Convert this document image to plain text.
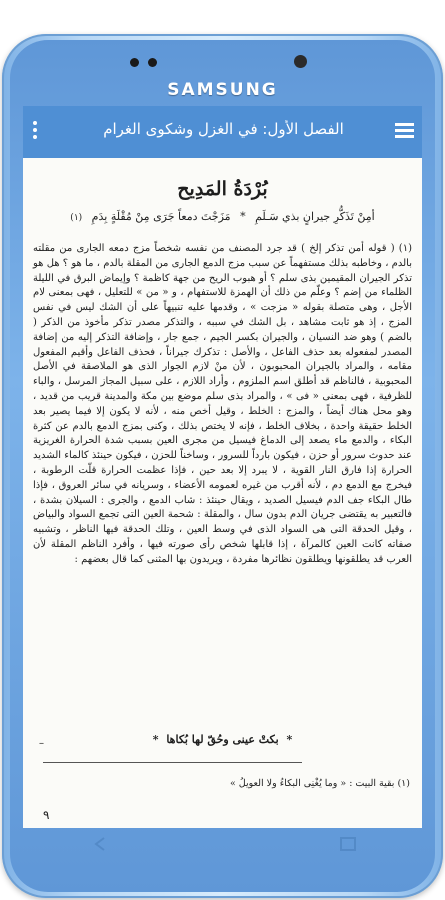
SAMSUNG
الفصل الأول: في الغزل وشكوى الغرام
بُرْدَةُ المَدِيح
أمِنْ تَذَكُّرِ جيرانٍ بذي سَـلَمِ * مَزَجْتَ دمعاً جَرَى مِنْ مُقْلَةٍ بِدَمِ (١)

(١) ( قوله أمن تذكر إلخ ) قد جرد المصنف من نفسه شخصاً مزج دمعه الجارى من مقلته بالدم ، وخاطبه بذلك مستفهماً عن سبب مزج الدمع الجارى من المقلة بالدم ، ما هو ؟ هل هو تذكر الجيران المقيمين بذى سلم ؟ أو هبوب الريح من جهة كاظمة ؟ وإيماض البرق في الليلة الظلماء من إضم ؟ وعلّم من ذلك أن الهمزة للاستفهام ، و « من » للتعليل ، فهى بمعنى لام الأجل ، وهى متصلة بقوله « مزجت » ، وقدمها عليه تنبيهاً على أن الشك ليس في نفس المزج ، إذ هو ثابت مشاهد ، بل الشك في سببه ، والتذكر مصدر تذكر مأخوذ من الذكر ( بالضم ) وهو ضد النسيان ، والجيران بكسر الجيم ، جمع جار ، وإضافة التذكر إليه من إضافة المصدر لمفعوله بعد حذف الفاعل ، والأصل : تذكرك جيراناً ، فحذف الفاعل وأقيم المفعول مقامه ، والمراد بالجيران المحبوبون ، لأن منْ لازم الجوار الذى هو الملاصقة في الأصل المحبوبية ، فالناظم قد أطلق اسم الملزوم ، وأراد اللازم ، على سبيل المجاز المرسل ، والباء للظرفية ، فهى بمعنى « فى » ، والمراد بذى سلم موضع بين مكة والمدينة قريب من قديد ، وهو محل هناك أيضاً ، والمزج : الخلط ، وقيل أخص منه ، لأنه لا يكون إلا فيما يصير بعد الخلط حقيقة واحدة ، بخلاف الخلط ، فإنه لا يختص بذلك ، وكنى بمزج الدمع بالدم عن كثرة البكاء ، والدمع ماء يصعد إلى الدماغ فيسيل من مجرى العين بسبب شدة الحرارة الغريزية عند حدوث سرور أو حزن ، فيكون بارداً للسرور ، وساخناً للحزن ، فيكون حينئذ كالماء الشديد الحرارة إذا فارق النار القوية ، لا يبرد إلا بعد حين ، فإذا عظمت الحرارة قلّت الرطوبة ، فيخرج مع الدمع دم ، لأنه أقرب من غيره لعمومه الأعضاء ، وسريانه في سائر العروق ، فإذا طال البكاء جف الدم فيسيل الصديد ، ويقال حينئذ : شاب الدمع ، والجرى : السيلان بشدة ، فالتعبير به يقتضى جريان الدم بدون سال ، والمقلة : شحمة العين التى تجمع السواد والبياض ، وقيل الحدقة التى هى السواد الذى في وسط العين ، وتلك الحدقة فيها الناظر ، وتشبيه صفاته كانت العين كالمرآة ، إذا قابلها شخص رأى صورته فيها ، وأفرد الناظم المقلة لأن العرب قد يطلقونها ويطلقون نظائرها مفردة ، ويريدون بها المثنى كما قال بعضهم :

* بكتْ عينى وحُقّ لها بُكاها *
–
(١) بقية البيت : « وما يُغْنِى البكاءُ ولا العويلُ »
٩
